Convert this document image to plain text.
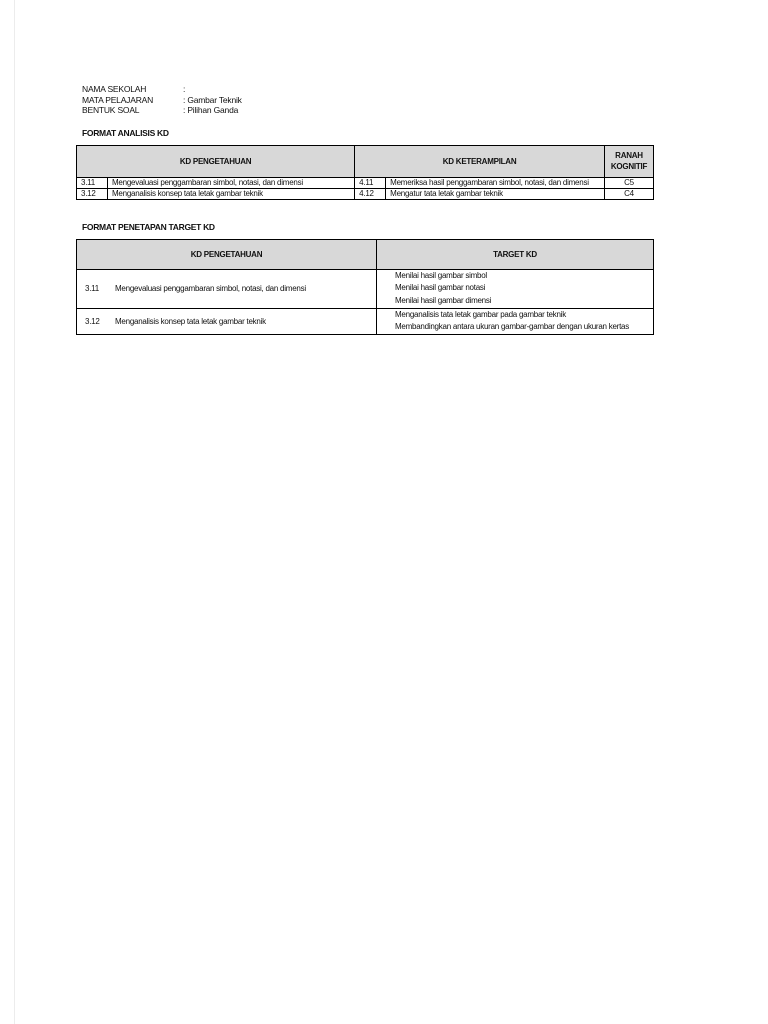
NAMA SEKOLAH	:
MATA PELAJARAN	: Gambar Teknik
BENTUK SOAL	: Pilihan Ganda
FORMAT ANALISIS KD
KD PENGETAHUAN		KD KETERAMPILAN		RANAH
KOGNITIF
3.11	Mengevaluasi penggambaran simbol, notasi, dan dimensi	4.11	Memeriksa hasil penggambaran simbol, notasi, dan dimensi	C5
3.12	Menganalisis konsep tata letak gambar teknik	4.12	Mengatur tata letak gambar teknik	C4
FORMAT PENETAPAN TARGET KD
KD PENGETAHUAN		TARGET KD
3.11	Mengevaluasi penggambaran simbol, notasi, dan dimensi	Menilai hasil gambar simbol
Menilai hasil gambar notasi
Menilai hasil gambar dimensi

3.12	Menganalisis konsep tata letak gambar teknik	Menganalisis tata letak gambar pada gambar teknik
Membandingkan antara ukuran gambar-gambar dengan ukuran kertas
